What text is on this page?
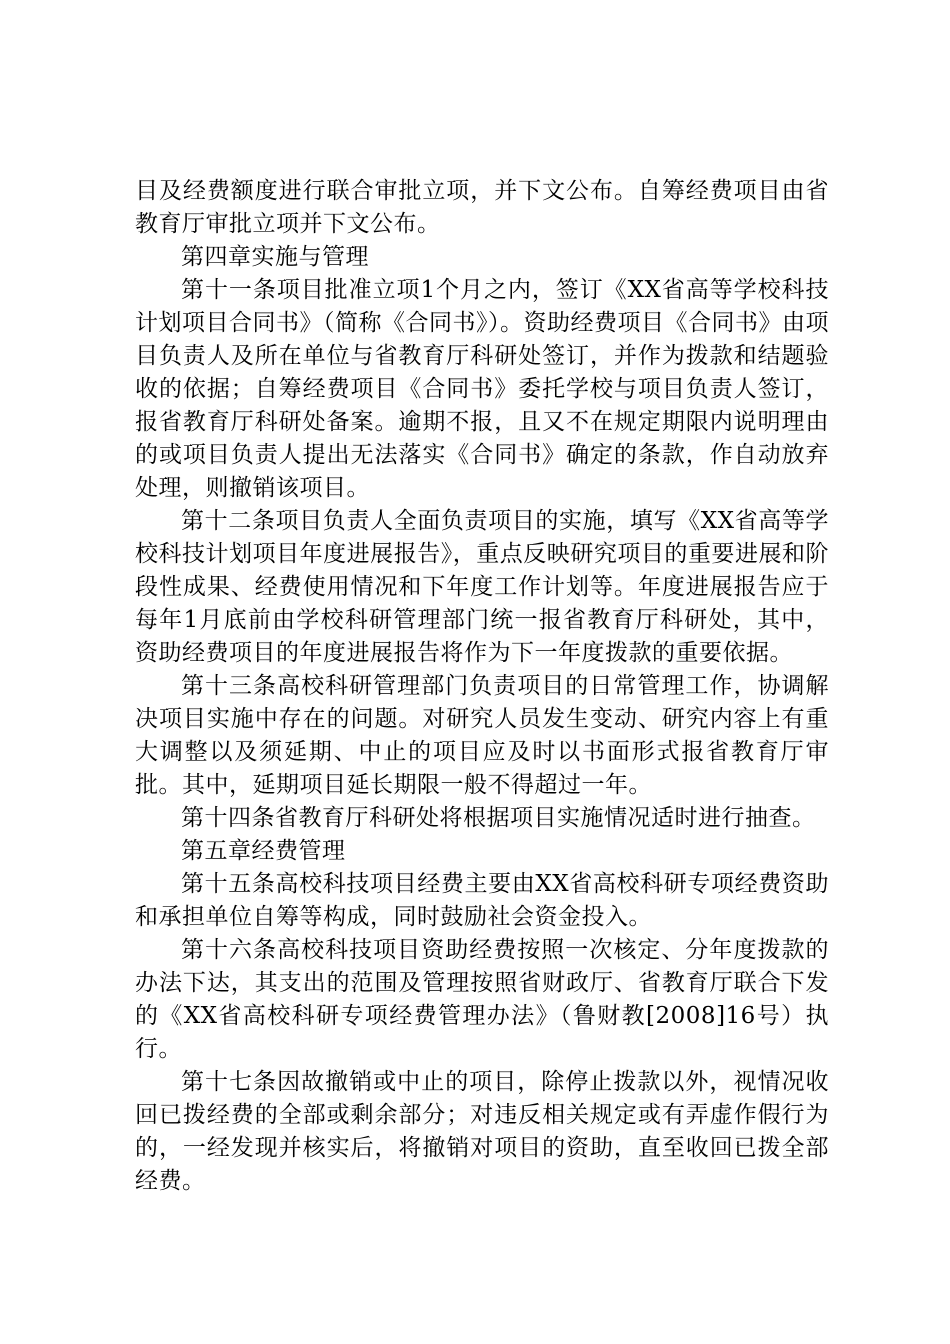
目及经费额度进行联合审批立项，并下文公布。自筹经费项目由省教育厅审批立项并下文公布。

第四章实施与管理

第十一条项目批准立项1个月之内，签订《XX省高等学校科技计划项目合同书》（简称《合同书》）。资助经费项目《合同书》由项目负责人及所在单位与省教育厅科研处签订，并作为拨款和结题验收的依据；自筹经费项目《合同书》委托学校与项目负责人签订，报省教育厅科研处备案。逾期不报，且又不在规定期限内说明理由的或项目负责人提出无法落实《合同书》确定的条款，作自动放弃处理，则撤销该项目。

第十二条项目负责人全面负责项目的实施，填写《XX省高等学校科技计划项目年度进展报告》，重点反映研究项目的重要进展和阶段性成果、经费使用情况和下年度工作计划等。年度进展报告应于每年1月底前由学校科研管理部门统一报省教育厅科研处，其中，资助经费项目的年度进展报告将作为下一年度拨款的重要依据。

第十三条高校科研管理部门负责项目的日常管理工作，协调解决项目实施中存在的问题。对研究人员发生变动、研究内容上有重大调整以及须延期、中止的项目应及时以书面形式报省教育厅审批。其中，延期项目延长期限一般不得超过一年。

第十四条省教育厅科研处将根据项目实施情况适时进行抽查。

第五章经费管理

第十五条高校科技项目经费主要由XX省高校科研专项经费资助和承担单位自筹等构成，同时鼓励社会资金投入。

第十六条高校科技项目资助经费按照一次核定、分年度拨款的办法下达，其支出的范围及管理按照省财政厅、省教育厅联合下发的《XX省高校科研专项经费管理办法》（鲁财教[2008]16号）执行。

第十七条因故撤销或中止的项目，除停止拨款以外，视情况收回已拨经费的全部或剩余部分；对违反相关规定或有弄虚作假行为的，一经发现并核实后，将撤销对项目的资助，直至收回已拨全部经费。
